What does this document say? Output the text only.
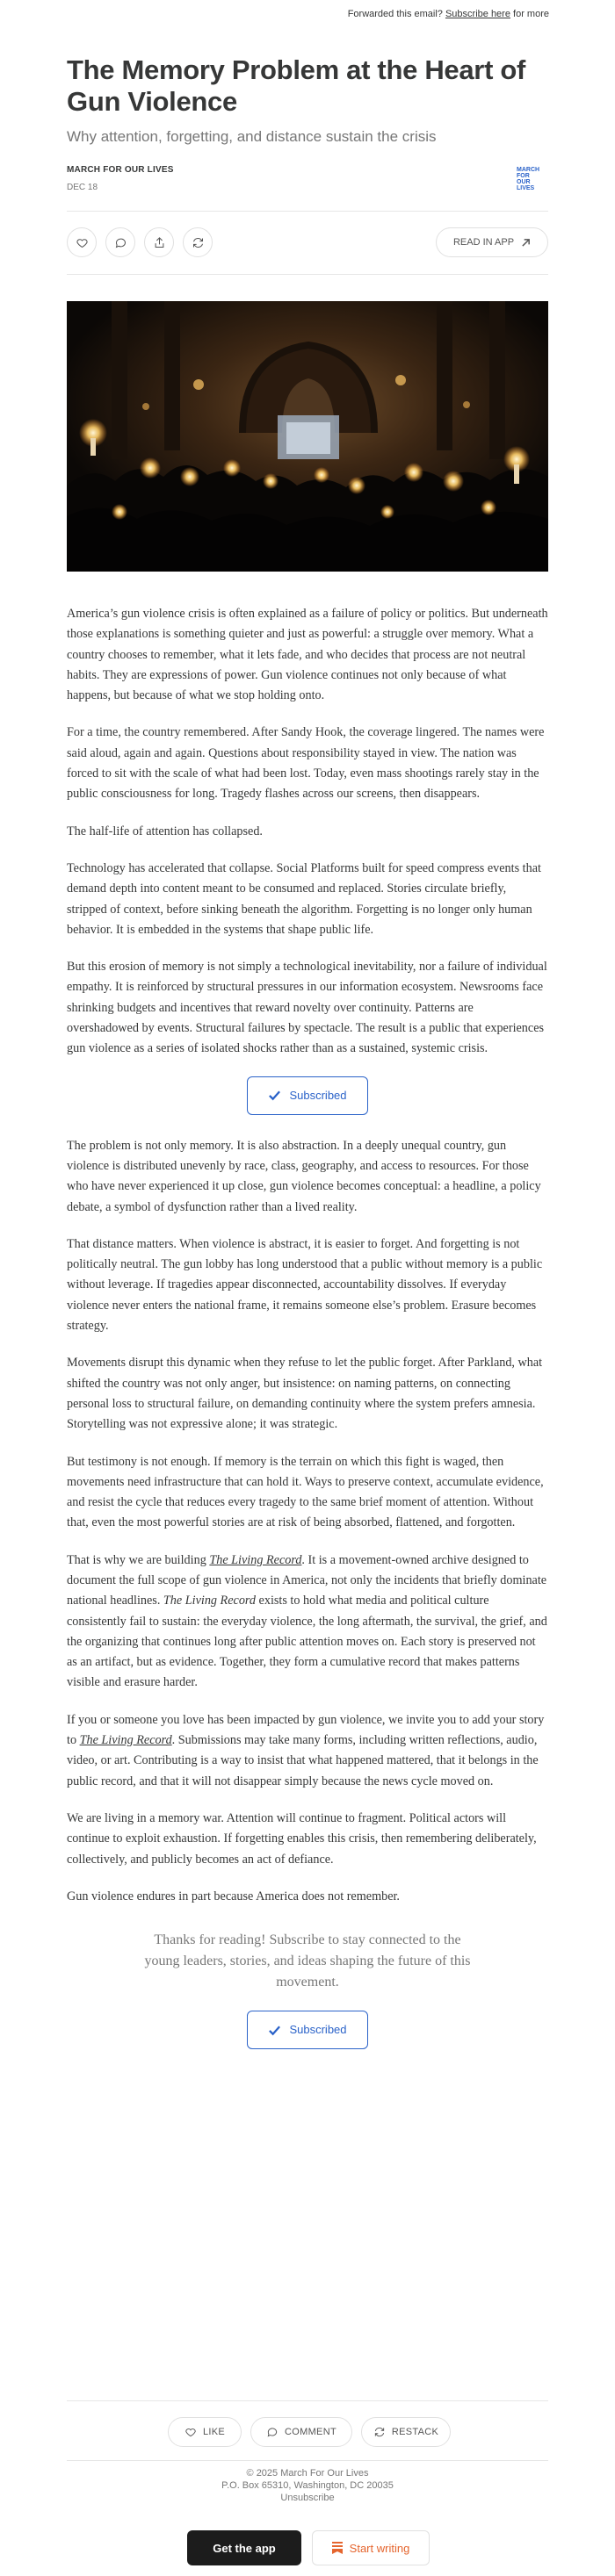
Forwarded this email? Subscribe here for more
The Memory Problem at the Heart of Gun Violence
Why attention, forgetting, and distance sustain the crisis
MARCH FOR OUR LIVES
DEC 18
MARCH
FOR OUR
LIVES
READ IN APP

America’s gun violence crisis is often explained as a failure of policy or politics. But underneath those explanations is something quieter and just as powerful: a struggle over memory. What a country chooses to remember, what it lets fade, and who decides that process are not neutral habits. They are expressions of power. Gun violence continues not only because of what happens, but because of what we stop holding onto.

For a time, the country remembered. After Sandy Hook, the coverage lingered. The names were said aloud, again and again. Questions about responsibility stayed in view. The nation was forced to sit with the scale of what had been lost. Today, even mass shootings rarely stay in the public consciousness for long. Tragedy flashes across our screens, then disappears.

The half-life of attention has collapsed.

Technology has accelerated that collapse. Social Platforms built for speed compress events that demand depth into content meant to be consumed and replaced. Stories circulate briefly, stripped of context, before sinking beneath the algorithm. Forgetting is no longer only human behavior. It is embedded in the systems that shape public life.

But this erosion of memory is not simply a technological inevitability, nor a failure of individual empathy. It is reinforced by structural pressures in our information ecosystem. Newsrooms face shrinking budgets and incentives that reward novelty over continuity. Patterns are overshadowed by events. Structural failures by spectacle. The result is a public that experiences gun violence as a series of isolated shocks rather than as a sustained, systemic crisis.

Subscribed

The problem is not only memory. It is also abstraction. In a deeply unequal country, gun violence is distributed unevenly by race, class, geography, and access to resources. For those who have never experienced it up close, gun violence becomes conceptual: a headline, a policy debate, a symbol of dysfunction rather than a lived reality.

That distance matters. When violence is abstract, it is easier to forget. And forgetting is not politically neutral. The gun lobby has long understood that a public without memory is a public without leverage. If tragedies appear disconnected, accountability dissolves. If everyday violence never enters the national frame, it remains someone else’s problem. Erasure becomes strategy.

Movements disrupt this dynamic when they refuse to let the public forget. After Parkland, what shifted the country was not only anger, but insistence: on naming patterns, on connecting personal loss to structural failure, on demanding continuity where the system prefers amnesia. Storytelling was not expressive alone; it was strategic.

But testimony is not enough. If memory is the terrain on which this fight is waged, then movements need infrastructure that can hold it. Ways to preserve context, accumulate evidence, and resist the cycle that reduces every tragedy to the same brief moment of attention. Without that, even the most powerful stories are at risk of being absorbed, flattened, and forgotten.

That is why we are building The Living Record. It is a movement-owned archive designed to document the full scope of gun violence in America, not only the incidents that briefly dominate national headlines. The Living Record exists to hold what media and political culture consistently fail to sustain: the everyday violence, the long aftermath, the survival, the grief, and the organizing that continues long after public attention moves on. Each story is preserved not as an artifact, but as evidence. Together, they form a cumulative record that makes patterns visible and erasure harder.

If you or someone you love has been impacted by gun violence, we invite you to add your story to The Living Record. Submissions may take many forms, including written reflections, audio, video, or art. Contributing is a way to insist that what happened mattered, that it belongs in the public record, and that it will not disappear simply because the news cycle moved on.

We are living in a memory war. Attention will continue to fragment. Political actors will continue to exploit exhaustion. If forgetting enables this crisis, then remembering deliberately, collectively, and publicly becomes an act of defiance.

Gun violence endures in part because America does not remember.

Thanks for reading! Subscribe to stay connected to the young leaders, stories, and ideas shaping the future of this movement.
Subscribed
LIKE	COMMENT	RESTACK
© 2025 March For Our Lives
P.O. Box 65310, Washington, DC 20035
Unsubscribe
Get the app	Start writing
